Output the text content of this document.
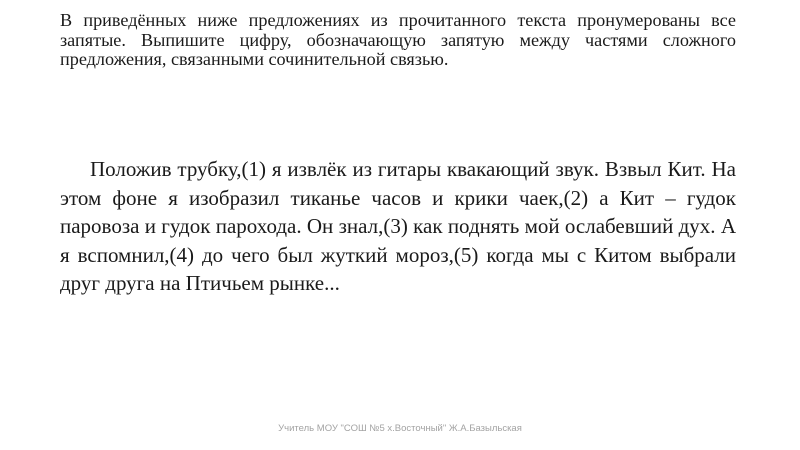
В приведённых ниже предложениях из прочитанного текста пронумерованы все запятые. Выпишите цифру, обозначающую запятую между частями сложного предложения, связанными сочинительной связью.

Положив трубку,(1) я извлёк из гитары квакающий звук. Взвыл Кит. На этом фоне я изобразил тиканье часов и крики чаек,(2) а Кит – гудок паровоза и гудок парохода. Он знал,(3) как поднять мой ослабевший дух. А я вспомнил,(4) до чего был жуткий мороз,(5) когда мы с Китом выбрали друг друга на Птичьем рынке...

Учитель МОУ "СОШ №5 х.Восточный" Ж.А.Базыльская
